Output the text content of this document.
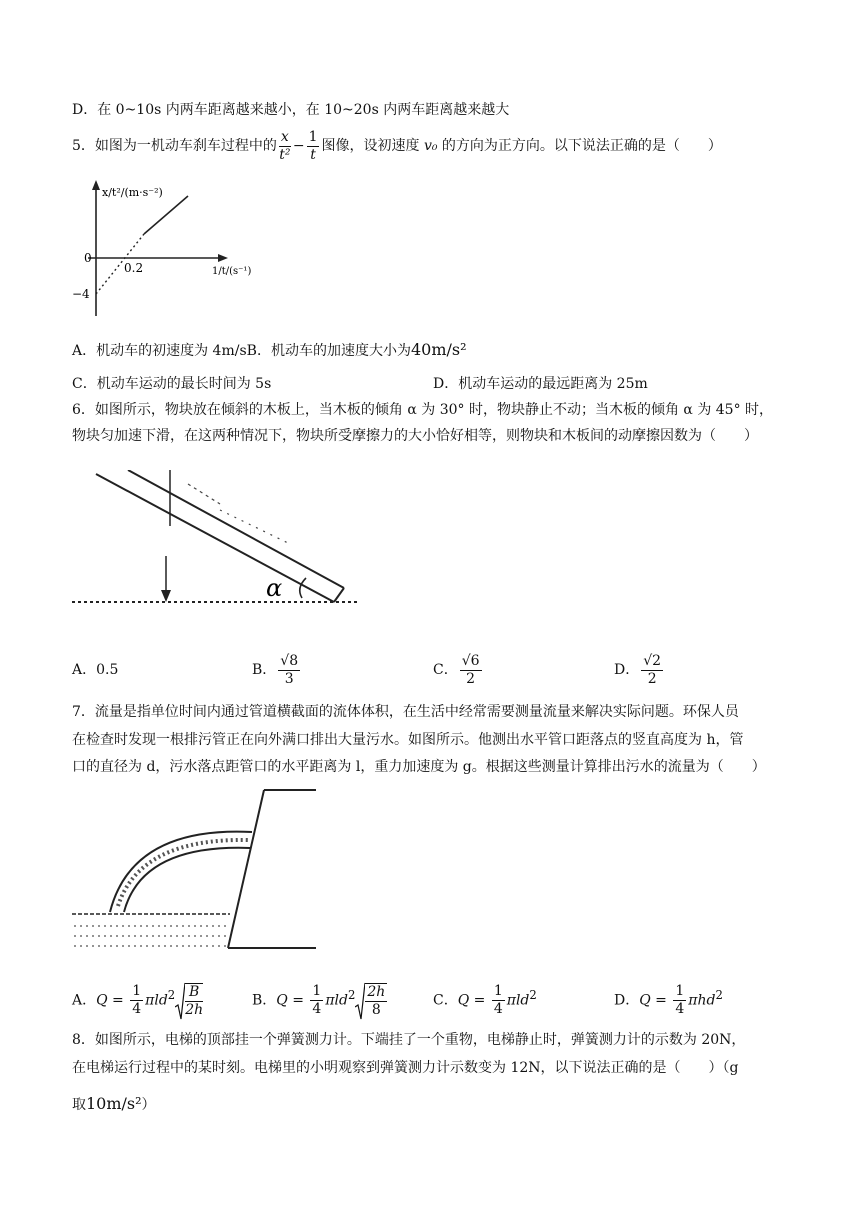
D．在 0~10s 内两车距离越来越小，在 10~20s 内两车距离越来越大
5．如图为一机动车刹车过程中的 $\frac{x}{\text{t²}} - \frac{1}{t}$ 图像，设初速度 v₀ 的方向为正方向。以下说法正确的是（　　）
x/t²/(m·s⁻²)
1/t/(s⁻¹)
0
0.2
−4
A．机动车的初速度为 4m/sB．机动车的加速度大小为40m/s²
C．机动车运动的最长时间为 5s	D．机动车运动的最远距离为 25m
6．如图所示，物块放在倾斜的木板上，当木板的倾角 α 为 30° 时，物块静止不动；当木板的倾角 α 为 45° 时，
物块匀加速下滑，在这两种情况下，物块所受摩擦力的大小恰好相等，则物块和木板间的动摩擦因数为（　　）
α
A．0.5	B． $\frac{√8}{3}$	C． $\frac{√6}{2}$	D． $\frac{√2}{2}$
7．流量是指单位时间内通过管道横截面的流体体积，在生活中经常需要测量流量来解决实际问题。环保人员
在检查时发现一根排污管正在向外满口排出大量污水。如图所示。他测出水平管口距落点的竖直高度为 h，管
口的直径为 d，污水落点距管口的水平距离为 l，重力加速度为 g。根据这些测量计算排出污水的流量为（　　）
A．$Q = \frac{1}{4} \pi ld^2 \frac{B}{2h}$	B．$Q = \frac{1}{4} \pi ld^2 \frac{2h}{8}$	C．$Q = \frac{1}{4} \pi ld^2$	D．$Q = \frac{1}{4} \pi hd^2$
8．如图所示，电梯的顶部挂一个弹簧测力计。下端挂了一个重物，电梯静止时，弹簧测力计的示数为 20N，
在电梯运行过程中的某时刻。电梯里的小明观察到弹簧测力计示数变为 12N，以下说法正确的是（　　）（g
取10m/s²）
